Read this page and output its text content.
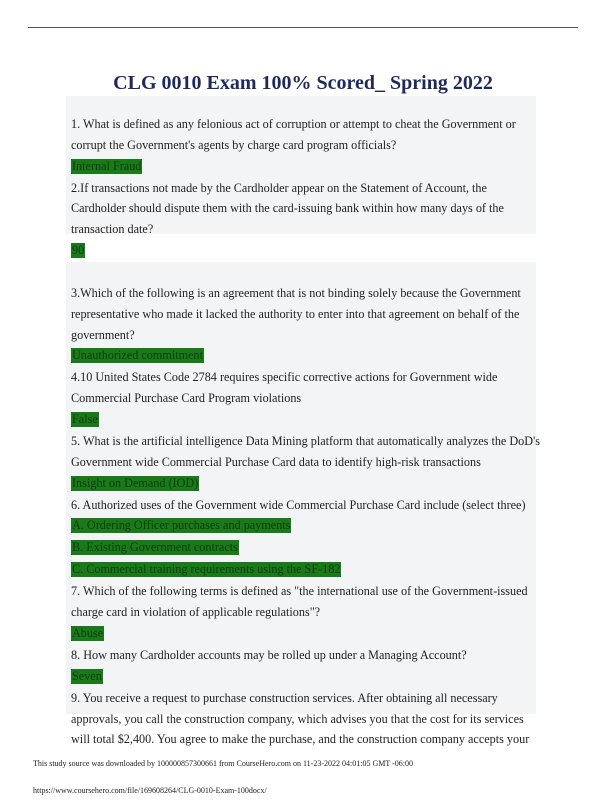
CLG 0010 Exam 100% Scored_ Spring 2022

1. What is defined as any felonious act of corruption or attempt to cheat the Government or corrupt the Government's agents by charge card program officials?

Internal Fraud

2.If transactions not made by the Cardholder appear on the Statement of Account, the Cardholder should dispute them with the card-issuing bank within how many days of the transaction date?

90

3.Which of the following is an agreement that is not binding solely because the Government representative who made it lacked the authority to enter into that agreement on behalf of the government?

Unauthorized commitment

4.10 United States Code 2784 requires specific corrective actions for Government wide Commercial Purchase Card Program violations

False

5. What is the artificial intelligence Data Mining platform that automatically analyzes the DoD's Government wide Commercial Purchase Card data to identify high-risk transactions

Insight on Demand (IOD)

6. Authorized uses of the Government wide Commercial Purchase Card include (select three)

A. Ordering Officer purchases and payments
B. Existing Government contracts
C. Commercial training requirements using the SF-182

7. Which of the following terms is defined as "the international use of the Government-issued charge card in violation of applicable regulations"?

Abuse

8. How many Cardholder accounts may be rolled up under a Managing Account?

Seven

9. You receive a request to purchase construction services. After obtaining all necessary approvals, you call the construction company, which advises you that the cost for its services will total $2,400. You agree to make the purchase, and the construction company accepts your

This study source was downloaded by 100000857300661 from CourseHero.com on 11-23-2022 04:01:05 GMT -06:00
https://www.coursehero.com/file/169608264/CLG-0010-Exam-100docx/
